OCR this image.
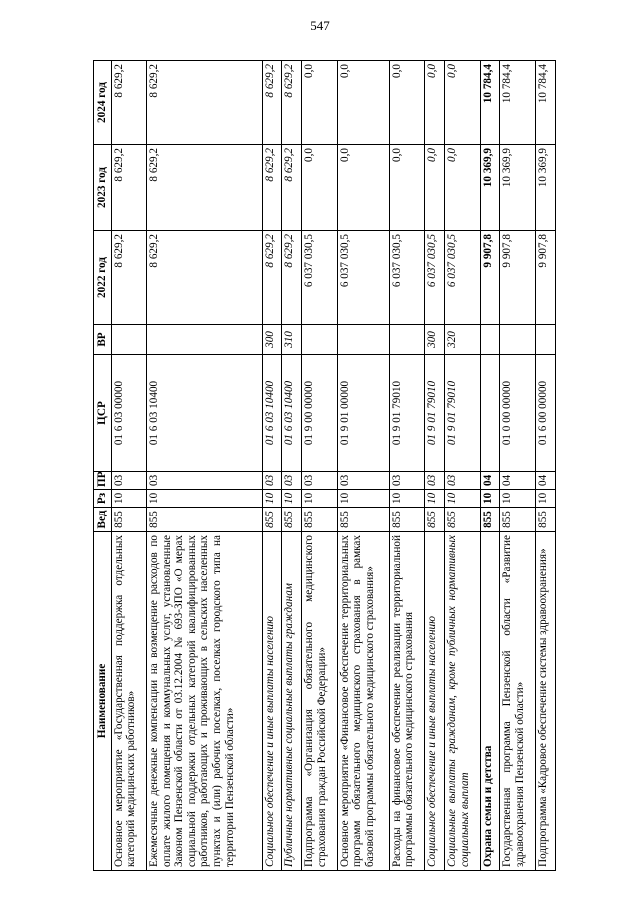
547
Наименование	Вед	Рз	ПР	ЦСР	ВР	2022 год	2023 год	2024 год
Основное мероприятие «Государственная поддержка отдельных категорий медицинских работников»	855	10	03	01 6 03 00000		8 629,2	8 629,2	8 629,2
Ежемесячные денежные компенсации на возмещение расходов по оплате жилого помещения и коммунальных услуг, установленные Законом Пензенской области от 03.12.2004 № 693-ЗПО «О мерах социальной поддержки отдельных категорий квалифицированных работников, работающих и проживающих в сельских населенных пунктах и (или) рабочих поселках, поселках городского типа на территории Пензенской области»	855	10	03	01 6 03 10400		8 629,2	8 629,2	8 629,2
Социальное обеспечение и иные выплаты населению	855	10	03	01 6 03 10400	300	8 629,2	8 629,2	8 629,2
Публичные нормативные социальные выплаты гражданам	855	10	03	01 6 03 10400	310	8 629,2	8 629,2	8 629,2
Подпрограмма «Организация обязательного медицинского страхования граждан Российской Федерации»	855	10	03	01 9 00 00000		6 037 030,5	0,0	0,0
Основное мероприятие «Финансовое обеспечение территориальных программ обязательного медицинского страхования в рамках базовой программы обязательного медицинского страхования»	855	10	03	01 9 01 00000		6 037 030,5	0,0	0,0
Расходы на финансовое обеспечение реализации территориальной программы обязательного медицинского страхования	855	10	03	01 9 01 79010		6 037 030,5	0,0	0,0
Социальное обеспечение и иные выплаты населению	855	10	03	01 9 01 79010	300	6 037 030,5	0,0	0,0
Социальные выплаты гражданам, кроме публичных нормативных социальных выплат	855	10	03	01 9 01 79010	320	6 037 030,5	0,0	0,0
Охрана семьи и детства	855	10	04			9 907,8	10 369,9	10 784,4
Государственная программа Пензенской области «Развитие здравоохранения Пензенской области»	855	10	04	01 0 00 00000		9 907,8	10 369,9	10 784,4
Подпрограмма «Кадровое обеспечение системы здравоохранения»	855	10	04	01 6 00 00000		9 907,8	10 369,9	10 784,4
